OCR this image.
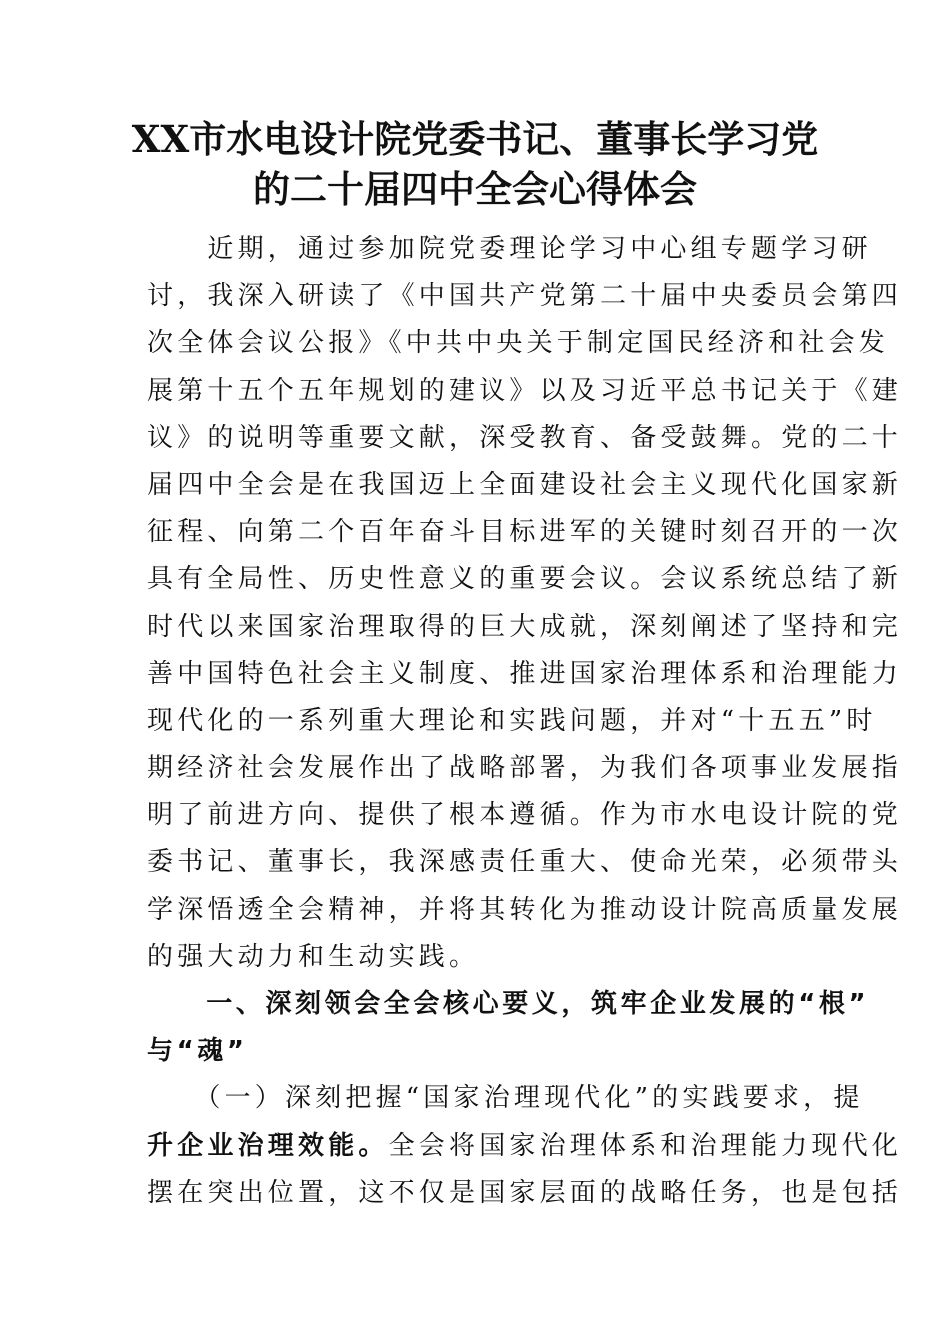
XX市水电设计院党委书记、董事长学习党
的二十届四中全会心得体会
　　近期，通过参加院党委理论学习中心组专题学习研
讨，我深入研读了《中国共产党第二十届中央委员会第四
次全体会议公报》《中共中央关于制定国民经济和社会发
展第十五个五年规划的建议》以及习近平总书记关于《建
议》的说明等重要文献，深受教育、备受鼓舞。党的二十
届四中全会是在我国迈上全面建设社会主义现代化国家新
征程、向第二个百年奋斗目标进军的关键时刻召开的一次
具有全局性、历史性意义的重要会议。会议系统总结了新
时代以来国家治理取得的巨大成就，深刻阐述了坚持和完
善中国特色社会主义制度、推进国家治理体系和治理能力
现代化的一系列重大理论和实践问题，并对“十五五”时
期经济社会发展作出了战略部署，为我们各项事业发展指
明了前进方向、提供了根本遵循。作为市水电设计院的党
委书记、董事长，我深感责任重大、使命光荣，必须带头
学深悟透全会精神，并将其转化为推动设计院高质量发展
的强大动力和生动实践。
　　一、深刻领会全会核心要义，筑牢企业发展的“根”
与“魂”
　　（一）深刻把握“国家治理现代化”的实践要求，提
升企业治理效能。全会将国家治理体系和治理能力现代化
摆在突出位置，这不仅是国家层面的战略任务，也是包括
